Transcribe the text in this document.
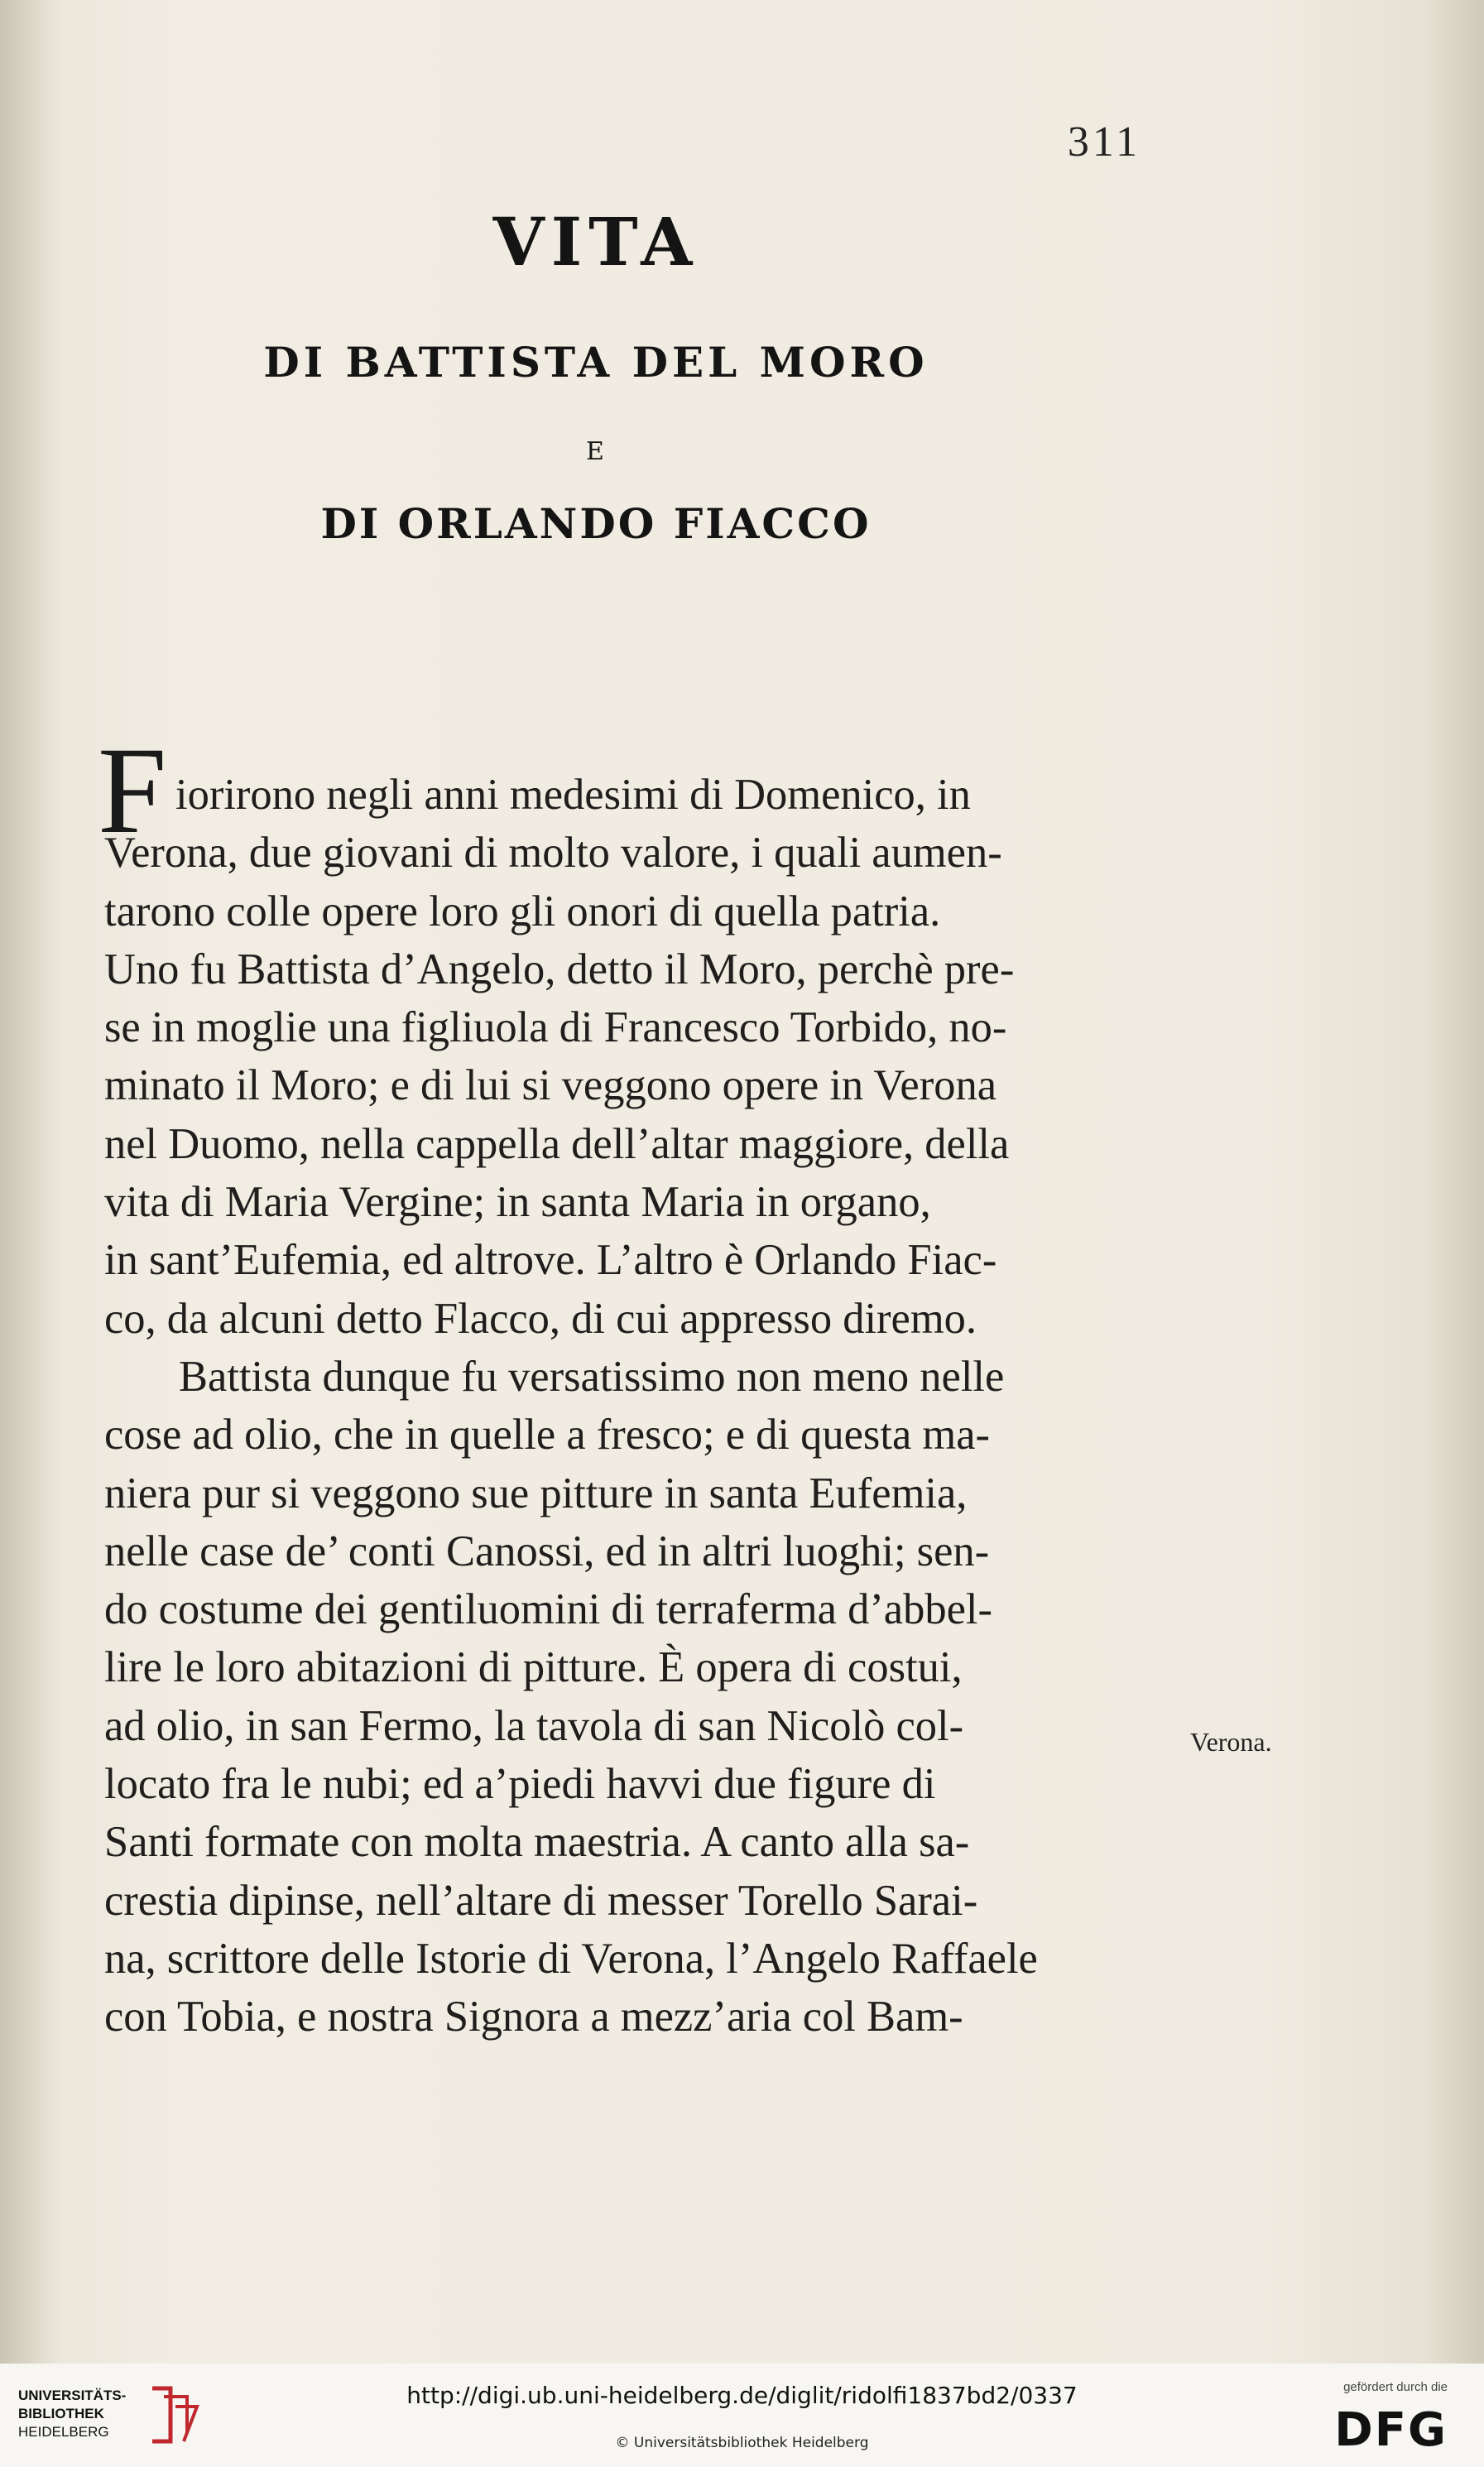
311
VITA
DI BATTISTA DEL MORO
E
DI ORLANDO FIACCO
F iorirono negli anni medesimi di Domenico, in
Verona, due giovani di molto valore, i quali aumen-
tarono colle opere loro gli onori di quella patria.
Uno fu Battista d’Angelo, detto il Moro, perchè pre-
se in moglie una figliuola di Francesco Torbido, no-
minato il Moro; e di lui si veggono opere in Verona
nel Duomo, nella cappella dell’altar maggiore, della
vita di Maria Vergine; in santa Maria in organo,
in sant’Eufemia, ed altrove. L’altro è Orlando Fiac-
co, da alcuni detto Flacco, di cui appresso diremo.
Battista dunque fu versatissimo non meno nelle
cose ad olio, che in quelle a fresco; e di questa ma-
niera pur si veggono sue pitture in santa Eufemia,
nelle case de’ conti Canossi, ed in altri luoghi; sen-
do costume dei gentiluomini di terraferma d’abbel-
lire le loro abitazioni di pitture. È opera di costui,
ad olio, in san Fermo, la tavola di san Nicolò col-
locato fra le nubi; ed a’piedi havvi due figure di
Santi formate con molta maestria. A canto alla sa-
crestia dipinse, nell’altare di messer Torello Sarai-
na, scrittore delle Istorie di Verona, l’Angelo Raffaele
con Tobia, e nostra Signora a mezz’aria col Bam-
Verona.
UNIVERSITÄTS-
BIBLIOTHEK
HEIDELBERG
http://digi.ub.uni-heidelberg.de/diglit/ridolfi1837bd2/0337
© Universitätsbibliothek Heidelberg
gefördert durch die
DFG
